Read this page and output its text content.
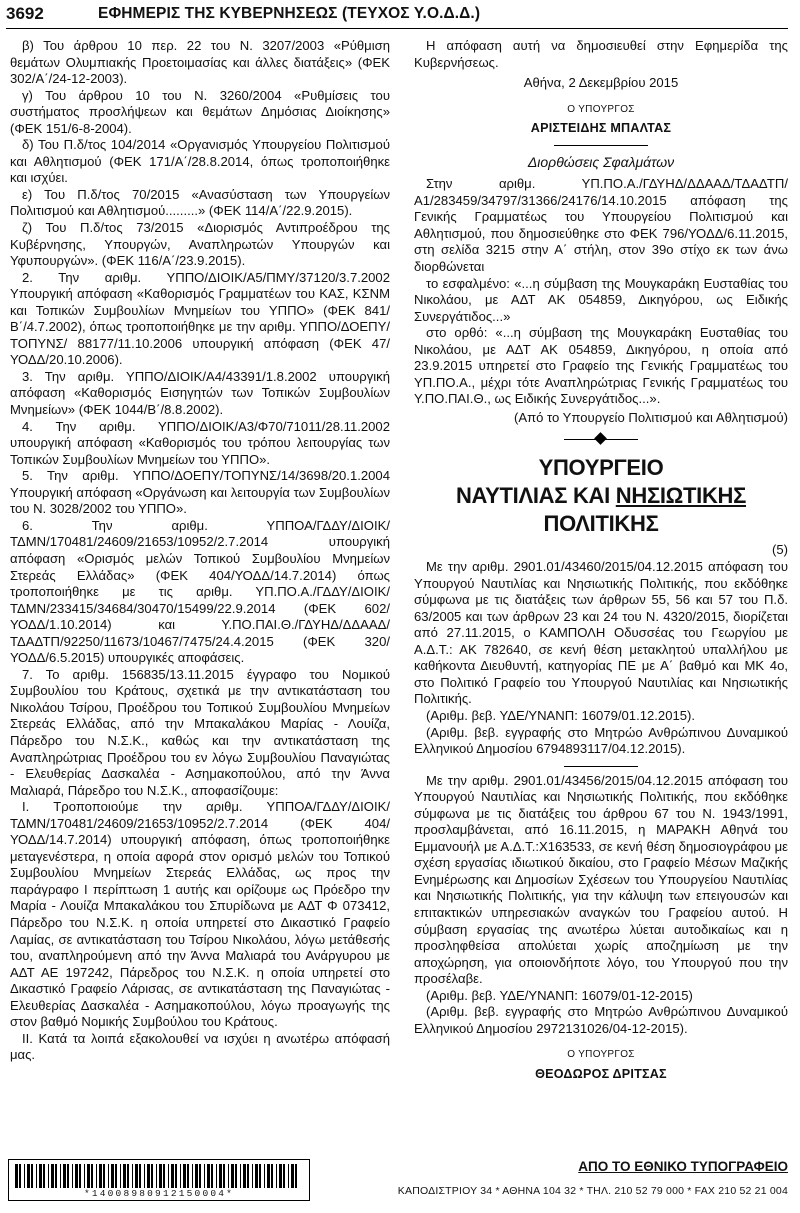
3692	ΕΦΗΜΕΡΙΣ ΤΗΣ ΚΥΒΕΡΝΗΣΕΩΣ (ΤΕΥΧΟΣ Υ.Ο.Δ.Δ.)

β) Του άρθρου 10 περ. 22 του Ν. 3207/2003 «Ρύθμιση θεμάτων Ολυμπιακής Προετοιμασίας και άλλες διατάξεις» (ΦΕΚ 302/Α΄/24-12-2003).

γ) Του άρθρου 10 του Ν. 3260/2004 «Ρυθμίσεις του συστήματος προσλήψεων και θεμάτων Δημόσιας Διοίκησης» (ΦΕΚ 151/6-8-2004).

δ) Του Π.δ/τος 104/2014 «Οργανισμός Υπουργείου Πολιτισμού και Αθλητισμού (ΦΕΚ 171/Α΄/28.8.2014, όπως τροποποιήθηκε και ισχύει.

ε) Του Π.δ/τος 70/2015 «Ανασύσταση των Υπουργείων Πολιτισμού και Αθλητισμού.........» (ΦΕΚ 114/Α΄/22.9.2015).

ζ) Του Π.δ/τος 73/2015 «Διορισμός Αντιπροέδρου της Κυβέρνησης, Υπουργών, Αναπληρωτών Υπουργών και Υφυπουργών». (ΦΕΚ 116/Α΄/23.9.2015).

2. Την αριθμ. ΥΠΠΟ/ΔΙΟΙΚ/Α5/ΠΜΥ/37120/3.7.2002 Υπουργική απόφαση «Καθορισμός Γραμματέων του ΚΑΣ, ΚΣΝΜ και Τοπικών Συμβουλίων Μνημείων του ΥΠΠΟ» (ΦΕΚ 841/Β΄/4.7.2002), όπως τροποποιήθηκε με την αριθμ. ΥΠΠΟ/ΔΟΕΠΥ/ΤΟΠΥΝΣ/ 88177/11.10.2006 υπουργική απόφαση (ΦΕΚ 47/ΥΟΔΔ/20.10.2006).

3. Την αριθμ. ΥΠΠΟ/ΔΙΟΙΚ/Α4/43391/1.8.2002 υπουργική απόφαση «Καθορισμός Εισηγητών των Τοπικών Συμβουλίων Μνημείων» (ΦΕΚ 1044/Β΄/8.8.2002).

4. Την αριθμ. ΥΠΠΟ/ΔΙΟΙΚ/Α3/Φ70/71011/28.11.2002 υπουργική απόφαση «Καθορισμός του τρόπου λειτουργίας των Τοπικών Συμβουλίων Μνημείων του ΥΠΠΟ».

5. Την αριθμ. ΥΠΠΟ/ΔΟΕΠΥ/ΤΟΠΥΝΣ/14/3698/20.1.2004 Υπουργική απόφαση «Οργάνωση και λειτουργία των Συμβουλίων του Ν. 3028/2002 του ΥΠΠΟ».

6. Την αριθμ. ΥΠΠΟΑ/ΓΔΔΥ/ΔΙΟΙΚ/ΤΔΜΝ/170481/24609/21653/10952/2.7.2014 υπουργική απόφαση «Ορισμός μελών Τοπικού Συμβουλίου Μνημείων Στερεάς Ελλάδας» (ΦΕΚ 404/ΥΟΔΔ/14.7.2014) όπως τροποποιήθηκε με τις αριθμ. ΥΠ.ΠΟ.Α./ΓΔΔΥ/ΔΙΟΙΚ/ΤΔΜΝ/233415/34684/30470/15499/22.9.2014 (ΦΕΚ 602/ΥΟΔΔ/1.10.2014) και Υ.ΠΟ.ΠΑΙ.Θ./ΓΔΥΗΔ/ΔΔΑΑΔ/ΤΔΑΔΤΠ/92250/11673/10467/7475/24.4.2015 (ΦΕΚ 320/ΥΟΔΔ/6.5.2015) υπουργικές αποφάσεις.

7. Το αριθμ. 156835/13.11.2015 έγγραφο του Νομικού Συμβουλίου του Κράτους, σχετικά με την αντικατάσταση του Νικολάου Τσίρου, Προέδρου του Τοπικού Συμβουλίου Μνημείων Στερεάς Ελλάδας, από την Μπακαλάκου Μαρίας - Λουίζα, Πάρεδρο του Ν.Σ.Κ., καθώς και την αντικατάσταση της Αναπληρώτριας Προέδρου του εν λόγω Συμβουλίου Παναγιώτας - Ελευθερίας Δασκαλέα - Ασημακοπούλου, από την Άννα Μαλιαρά, Πάρεδρο του Ν.Σ.Κ., αποφασίζουμε:

Ι. Τροποποιούμε την αριθμ. ΥΠΠΟΑ/ΓΔΔΥ/ΔΙΟΙΚ/ΤΔΜΝ/170481/24609/21653/10952/2.7.2014 (ΦΕΚ 404/ΥΟΔΔ/14.7.2014) υπουργική απόφαση, όπως τροποποιήθηκε μεταγενέστερα, η οποία αφορά στον ορισμό μελών του Τοπικού Συμβουλίου Μνημείων Στερεάς Ελλάδας, ως προς την παράγραφο Ι περίπτωση 1 αυτής και ορίζουμε ως Πρόεδρο την Μαρία - Λουίζα Μπακαλάκου του Σπυρίδωνα με ΑΔΤ Φ 073412, Πάρεδρο του Ν.Σ.Κ. η οποία υπηρετεί στο Δικαστικό Γραφείο Λαμίας, σε αντικατάσταση του Τσίρου Νικολάου, λόγω μετάθεσής του, αναπληρούμενη από την Άννα Μαλιαρά του Ανάργυρου με ΑΔΤ ΑΕ 197242, Πάρεδρος του Ν.Σ.Κ. η οποία υπηρετεί στο Δικαστικό Γραφείο Λάρισας, σε αντικατάσταση της Παναγιώτας - Ελευθερίας Δασκαλέα - Ασημακοπούλου, λόγω προαγωγής της στον βαθμό Νομικής Συμβούλου του Κράτους.

ΙΙ. Κατά τα λοιπά εξακολουθεί να ισχύει η ανωτέρω απόφασή μας.

Η απόφαση αυτή να δημοσιευθεί στην Εφημερίδα της Κυβερνήσεως.

Αθήνα, 2 Δεκεμβρίου 2015

Ο ΥΠΟΥΡΓΟΣ

ΑΡΙΣΤΕΙΔΗΣ ΜΠΑΛΤΑΣ

Διορθώσεις Σφαλμάτων

Στην αριθμ. ΥΠ.ΠΟ.Α./ΓΔΥΗΔ/ΔΔΑΑΔ/ΤΔΑΔΤΠ/Α1/283459/34797/31366/24176/14.10.2015 απόφαση της Γενικής Γραμματέως του Υπουργείου Πολιτισμού και Αθλητισμού, που δημοσιεύθηκε στο ΦΕΚ 796/ΥΟΔΔ/6.11.2015, στη σελίδα 3215 στην Α΄ στήλη, στον 39ο στίχο εκ των άνω διορθώνεται

το εσφαλμένο: «...η σύμβαση της Μουγκαράκη Ευσταθίας του Νικολάου, με ΑΔΤ ΑΚ 054859, Δικηγόρου, ως Ειδικής Συνεργάτιδος...»

στο ορθό: «...η σύμβαση της Μουγκαράκη Ευσταθίας του Νικολάου, με ΑΔΤ ΑΚ 054859, Δικηγόρου, η οποία από 23.9.2015 υπηρετεί στο Γραφείο της Γενικής Γραμματέως του ΥΠ.ΠΟ.Α., μέχρι τότε Αναπληρώτριας Γενικής Γραμματέως του Υ.ΠΟ.ΠΑΙ.Θ., ως Ειδικής Συνεργάτιδος...».

(Από το Υπουργείο Πολιτισμού και Αθλητισμού)

ΥΠΟΥΡΓΕΙΟ

ΝΑΥΤΙΛΙΑΣ ΚΑΙ ΝΗΣΙΩΤΙΚΗΣ ΠΟΛΙΤΙΚΗΣ

(5)

Με την αριθμ. 2901.01/43460/2015/04.12.2015 απόφαση του Υπουργού Ναυτιλίας και Νησιωτικής Πολιτικής, που εκδόθηκε σύμφωνα με τις διατάξεις των άρθρων 55, 56 και 57 του Π.δ. 63/2005 και των άρθρων 23 και 24 του Ν. 4320/2015, διορίζεται από 27.11.2015, ο ΚΑΜΠΟΛΗ Οδυσσέας του Γεωργίου με Α.Δ.Τ.: ΑΚ 782640, σε κενή θέση μετακλητού υπαλλήλου με καθήκοντα Διευθυντή, κατηγορίας ΠΕ με Α΄ βαθμό και ΜΚ 4ο, στο Πολιτικό Γραφείο του Υπουργού Ναυτιλίας και Νησιωτικής Πολιτικής.

(Αριθμ. βεβ. ΥΔΕ/ΥΝΑΝΠ: 16079/01.12.2015).

(Αριθμ. βεβ. εγγραφής στο Μητρώο Ανθρώπινου Δυναμικού Ελληνικού Δημοσίου 6794893117/04.12.2015).

Με την αριθμ. 2901.01/43456/2015/04.12.2015 απόφαση του Υπουργού Ναυτιλίας και Νησιωτικής Πολιτικής, που εκδόθηκε σύμφωνα με τις διατάξεις του άρθρου 67 του Ν. 1943/1991, προσλαμβάνεται, από 16.11.2015, η ΜΑΡΑΚΗ Αθηνά του Εμμανουήλ με Α.Δ.Τ.:Χ163533, σε κενή θέση δημοσιογράφου με σχέση εργασίας ιδιωτικού δικαίου, στο Γραφείο Μέσων Μαζικής Ενημέρωσης και Δημοσίων Σχέσεων του Υπουργείου Ναυτιλίας και Νησιωτικής Πολιτικής, για την κάλυψη των επειγουσών και επιτακτικών υπηρεσιακών αναγκών του Γραφείου αυτού. Η σύμβαση εργασίας της ανωτέρω λύεται αυτοδικαίως και η προσληφθείσα απολύεται χωρίς αποζημίωση με την αποχώρηση, για οποιονδήποτε λόγο, του Υπουργού που την προσέλαβε.

(Αριθμ. βεβ. ΥΔΕ/ΥΝΑΝΠ: 16079/01-12-2015)

(Αριθμ. βεβ. εγγραφής στο Μητρώο Ανθρώπινου Δυναμικού Ελληνικού Δημοσίου 2972131026/04-12-2015).

Ο ΥΠΟΥΡΓΟΣ

ΘΕΟΔΩΡΟΣ ΔΡΙΤΣΑΣ

*14008980912150004*
ΑΠΟ ΤΟ ΕΘΝΙΚΟ ΤΥΠΟΓΡΑΦΕΙΟ
ΚΑΠΟΔΙΣΤΡΙΟΥ 34 * ΑΘΗΝΑ 104 32 * ΤΗΛ. 210 52 79 000 * FAX 210 52 21 004
